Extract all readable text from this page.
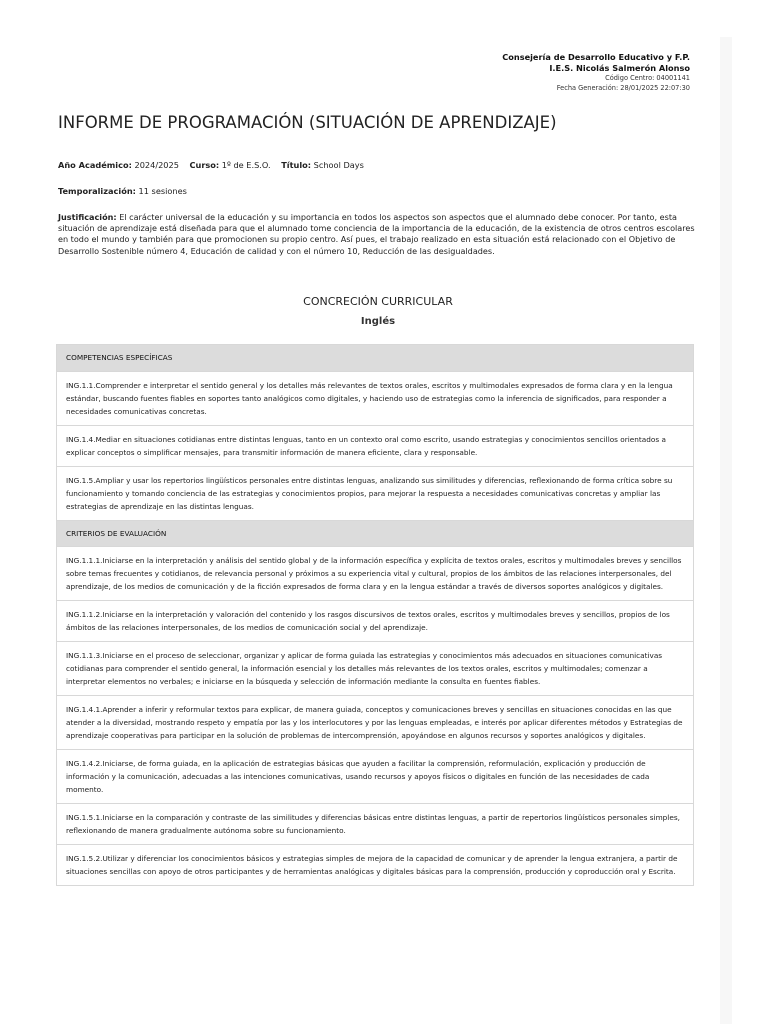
Consejería de Desarrollo Educativo y F.P.
I.E.S. Nicolás Salmerón Alonso
Código Centro: 04001141
Fecha Generación: 28/01/2025 22:07:30
INFORME DE PROGRAMACIÓN (SITUACIÓN DE APRENDIZAJE)
Año Académico: 2024/2025 Curso: 1º de E.S.O. Título: School Days
Temporalización: 11 sesiones
Justificación: El carácter universal de la educación y su importancia en todos los aspectos son aspectos que el alumnado debe conocer. Por tanto, esta situación de aprendizaje está diseñada para que el alumnado tome conciencia de la importancia de la educación, de la existencia de otros centros escolares en todo el mundo y también para que promocionen su propio centro. Así pues, el trabajo realizado en esta situación está relacionado con el Objetivo de Desarrollo Sostenible número 4, Educación de calidad y con el número 10, Reducción de las desigualdades.
CONCRECIÓN CURRICULAR
Inglés
COMPETENCIAS ESPECÍFICAS
ING.1.1.Comprender e interpretar el sentido general y los detalles más relevantes de textos orales, escritos y multimodales expresados de forma clara y en la lengua estándar, buscando fuentes fiables en soportes tanto analógicos como digitales, y haciendo uso de estrategias como la inferencia de significados, para responder a necesidades comunicativas concretas.
ING.1.4.Mediar en situaciones cotidianas entre distintas lenguas, tanto en un contexto oral como escrito, usando estrategias y conocimientos sencillos orientados a explicar conceptos o simplificar mensajes, para transmitir información de manera eficiente, clara y responsable.
ING.1.5.Ampliar y usar los repertorios lingüísticos personales entre distintas lenguas, analizando sus similitudes y diferencias, reflexionando de forma crítica sobre su funcionamiento y tomando conciencia de las estrategias y conocimientos propios, para mejorar la respuesta a necesidades comunicativas concretas y ampliar las estrategias de aprendizaje en las distintas lenguas.
CRITERIOS DE EVALUACIÓN
ING.1.1.1.Iniciarse en la interpretación y análisis del sentido global y de la información específica y explícita de textos orales, escritos y multimodales breves y sencillos sobre temas frecuentes y cotidianos, de relevancia personal y próximos a su experiencia vital y cultural, propios de los ámbitos de las relaciones interpersonales, del aprendizaje, de los medios de comunicación y de la ficción expresados de forma clara y en la lengua estándar a través de diversos soportes analógicos y digitales.
ING.1.1.2.Iniciarse en la interpretación y valoración del contenido y los rasgos discursivos de textos orales, escritos y multimodales breves y sencillos, propios de los ámbitos de las relaciones interpersonales, de los medios de comunicación social y del aprendizaje.
ING.1.1.3.Iniciarse en el proceso de seleccionar, organizar y aplicar de forma guiada las estrategias y conocimientos más adecuados en situaciones comunicativas cotidianas para comprender el sentido general, la información esencial y los detalles más relevantes de los textos orales, escritos y multimodales; comenzar a interpretar elementos no verbales; e iniciarse en la búsqueda y selección de información mediante la consulta en fuentes fiables.
ING.1.4.1.Aprender a inferir y reformular textos para explicar, de manera guiada, conceptos y comunicaciones breves y sencillas en situaciones conocidas en las que atender a la diversidad, mostrando respeto y empatía por las y los interlocutores y por las lenguas empleadas, e interés por aplicar diferentes métodos y Estrategias de aprendizaje cooperativas para participar en la solución de problemas de intercomprensión, apoyándose en algunos recursos y soportes analógicos y digitales.
ING.1.4.2.Iniciarse, de forma guiada, en la aplicación de estrategias básicas que ayuden a facilitar la comprensión, reformulación, explicación y producción de información y la comunicación, adecuadas a las intenciones comunicativas, usando recursos y apoyos físicos o digitales en función de las necesidades de cada momento.
ING.1.5.1.Iniciarse en la comparación y contraste de las similitudes y diferencias básicas entre distintas lenguas, a partir de repertorios lingüísticos personales simples, reflexionando de manera gradualmente autónoma sobre su funcionamiento.
ING.1.5.2.Utilizar y diferenciar los conocimientos básicos y estrategias simples de mejora de la capacidad de comunicar y de aprender la lengua extranjera, a partir de situaciones sencillas con apoyo de otros participantes y de herramientas analógicas y digitales básicas para la comprensión, producción y coproducción oral y Escrita.
